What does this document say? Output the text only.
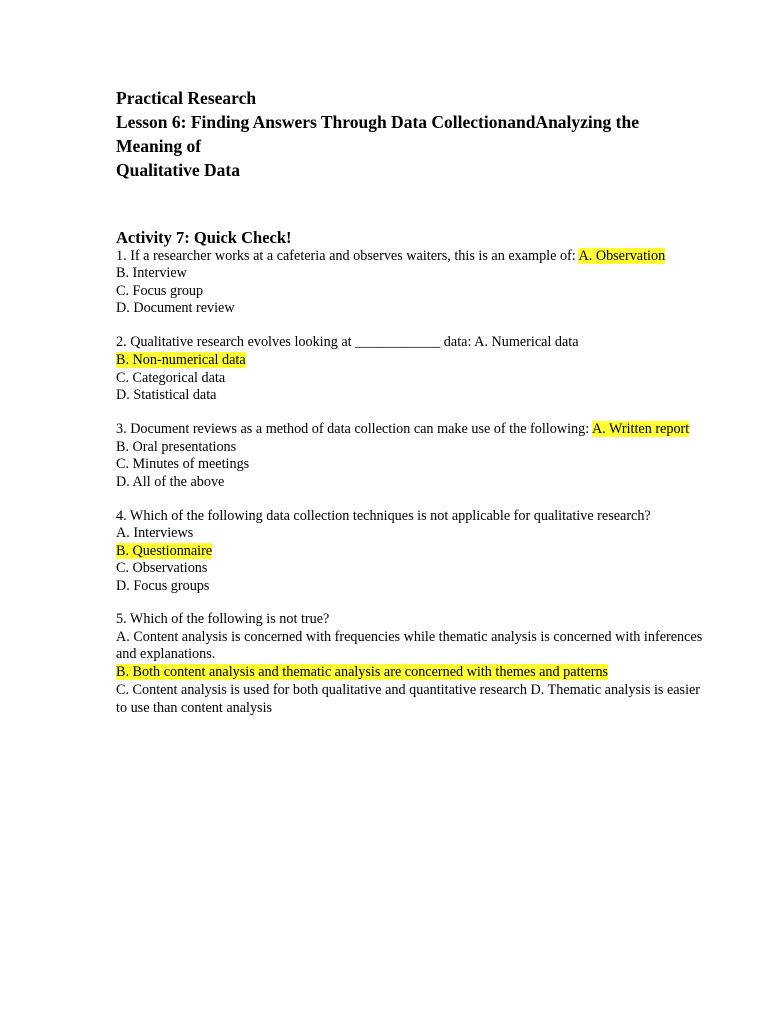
Practical Research
Lesson 6: Finding Answers Through Data CollectionandAnalyzing the
Meaning of
Qualitative Data
Activity 7: Quick Check!
1. If a researcher works at a cafeteria and observes waiters, this is an example of: A. Observation
B. Interview
C. Focus group
D. Document review
2. Qualitative research evolves looking at ____________ data: A. Numerical data
B. Non-numerical data
C. Categorical data
D. Statistical data
3. Document reviews as a method of data collection can make use of the following: A. Written report
B. Oral presentations
C. Minutes of meetings
D. All of the above
4. Which of the following data collection techniques is not applicable for qualitative research?
A. Interviews
B. Questionnaire
C. Observations
D. Focus groups
5. Which of the following is not true?
A. Content analysis is concerned with frequencies while thematic analysis is concerned with inferences
and explanations.
B. Both content analysis and thematic analysis are concerned with themes and patterns
C. Content analysis is used for both qualitative and quantitative research D. Thematic analysis is easier
to use than content analysis
